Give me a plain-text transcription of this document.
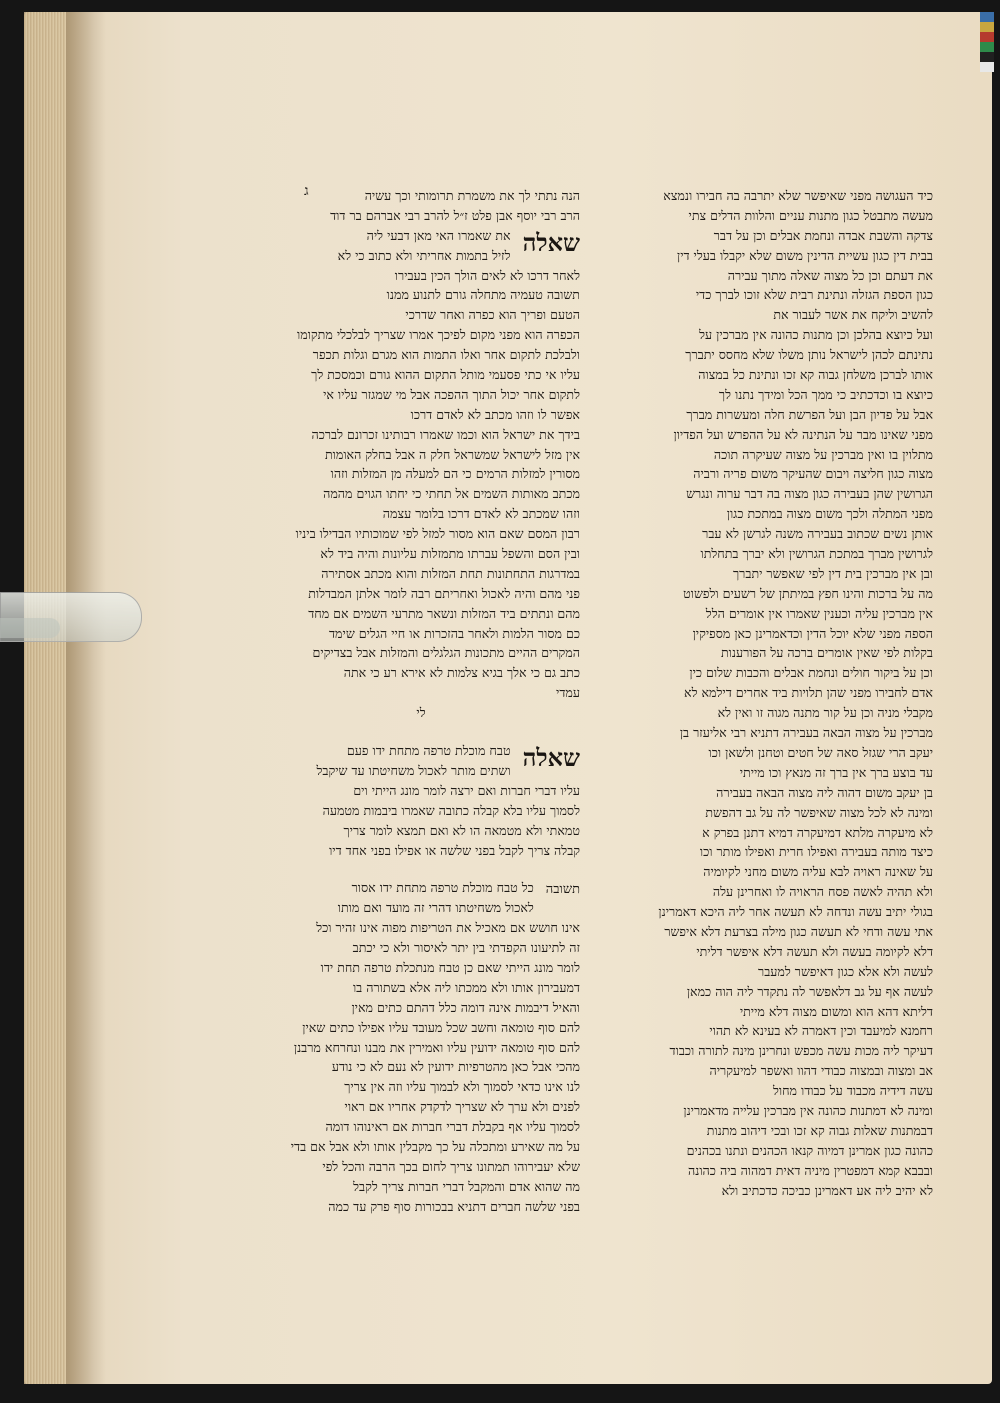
ג	כיד העגושה מפני שאיפשר שלא יתרבה בה חבירו ונמצא
מעשה מתבטל כגון מתנות עניים והלוות הדלים צתי
צדקה והשבת אבדה ונחמת אבלים וכן על דבר
בבית דין כגון עשיית הדינין משום שלא יקבלו בעלי דין
את דעתם וכן כל מצוה שאלה מתוך עבירה
כגון הספת הגזלה ונתינת רבית שלא זוכו לברך כדי
להשיב וליקח את אשר לעבור את
ועל כיוצא בהלכן וכן מתנות כהונה אין מברכין על
נתינתם לכהן לישראל נותן משלו שלא מחסס יתברך
אותו לברכן משלחן גבוה קא זכו ונתינת כל במצוה
כיוצא בו וכדכתיב כי ממך הכל ומידך נתנו לך
אבל על פדיון הבן ועל הפרשת חלה ומעשרות מברך
מפני שאינו מבר על הנתינה לא על ההפרש ועל הפדיון
מתלוין בו ואין מברכין על מצוה שעיקרה תוכה
מצוה כגון חליצה ויבום שהעיקר משום פריה ורביה
הגרושין שהן בעבירה כגון מצוה בה דבר ערוה ונגרש
מפני המתלה ולכך משום מצוה במתכת כגון
אותן נשים שכתוב בעבירה משנה לגרשן לא עבר
לגרושין מברך במתכת הגרושין ולא יברך בתחלתו
ובן אין מברכין בית דין לפי שאפשר יתברך
מה על ברכות והינו חפץ במיתתן של רשעים ולפשוט
אין מברכין עליה וכענין שאמרו אין אומרים הלל
הספה מפני שלא יוכל הדין וכדאמרינן כאן מספיקין
בקלות לפי שאין אומרים ברכה על הפורענות
וכן על ביקור חולים ונחמת אבלים והכבות שלום כין
אדם לחבירו מפני שהן תלויות ביד אחרים דילמא לא
מקבלי מניה וכן על קור מתנה מגוה זו ואין לא
מברכין על מצוה הבאה בעבירה דתניא רבי אליעזר בן
יעקב הרי שגזל סאה של חטים וטחנן ולשאן וכו
עד בוצע ברך אין ברך זה מנאץ וכו מייתי
בן יעקב משום דהוה ליה מצוה הבאה בעבירה
ומינה לא לכל מצוה שאיפשר לה על גב דהפשת
לא מיעקרה מלתא דמיעקרה דמיא דתנן בפרק א
כיצד מותה בעבירה ואפילו חרית ואפילו מותר וכו
על שאינה ראויה לבא עליה משום מחני לקיומיה
ולא תהיה לאשה פסח הראויה לו ואחרינן עלה
בגולי יתיב עשה ונדחה לא תעשה אחר ליה היכא דאמרינן
אתי עשה ודחי לא תעשה כגון מילה בצרעת דלא איפשר
דלא לקיומה בעשה ולא תעשה דלא איפשר דליתי
לעשה ולא אלא כגון דאיפשר למעבר
לעשה אף על גב דלאפשר לה נתקדר ליה הוה כמאן
דליתא דהא הוא ומשום מצוה דלא מייתי
רחמנא למיעבד וכין דאמרה לא בעינא לא תהוי
דעיקר ליה מכות עשה מכפש ונחרינן מינה לתורה וכבוד
אב ומצוה ובמצוה כבודי דהוו ואשפר למיעקריה
עשה דידיה מכבוד על כבודו מחול
ומינה לא דמתנות כהונה אין מברכין עלייה מדאמרינן
דבמתנות שאלות גבוה קא זכו ובכי דיהוב מתנות
כהונה כגון אמרינן דמיוה קנאו הכהנים ונתנו בכהנים
ובבבא קמא דמפטרין מיניה דאית דמהוה ביה כהונה
לא יהיב ליה אע דאמרינן כביכה כדכתיב ולא
הנה נתתי לך את משמרת תרומותי וכך עשיה
הרב רבי יוסף אבן פלט ז״ל להרב רבי אברהם בר דוד
שאלה
את שאמרו האי מאן דבעי ליה
לזיל בתמות אחריתי ולא כתוב כי לא
לאחר דרכו לא לאים הולך הכין בעבירו
תשובה טעמיה מתחלה גורם לתנוע ממנו
הטעם ופריך הוא כפרה ואחר שדרכי
הכפרה הוא מפני מקום לפיכך אמרו שצריך לבלכלי מתקומו
ולבלכת לתקום אחר ואלו התמות הוא מגרם וגלות תכפר
עליו אי כתי פסעמי מותל התקום ההוא גורם וכמסכת לך
לתקום אחר יכול התוך ההפכה אבל מי שמגזר עליו אי
אפשר לו וזהו מכתב לא לאדם דרכו
בידך את ישראל הוא וכמו שאמרו רבותינו זכרונם לברכה
אין מזל לישראל שמשראל חלק ה אבל בחלק האומות
מסורין למזלות הרמים כי הם למעלה מן המזלות וזהו
מכתב מאותות השמים אל תחתי כי יחתו הגוים מהמה
וזהו שמכתב לא לאדם דרכו בלומר עצמה
רבון המסם שאם הוא מסור למזל לפי שמוכותיו הבדילו ביניו
ובין הסם והשפל עברתו מתמזלות עליונות והיה ביד לא
במדרגות התחתונות תחת המזלות והוא מכתב אסתירה
פני מהם והיה לאכול ואחריתם רבה לומר אלתן המבדלות
מהם ונתתים ביד המזלות ונשאר מתרעי השמים אם מחד
כם מסור הלמות ולאחר בהזכרות או חיי הגלים שימד
המקרים ההיים מתכונות הגלגלים והמזלות אבל בצדיקים
כתב גם כי אלך בגיא צלמות לא אירא רע כי אתה
עמדי
לי
שאלה
טבח מוכלת טרפה מתחת ידו פעם
ושתים מותר לאכול משחיטתו עד שיקבל
עליו דברי חברות ואם ירצה לומר מונג הייתי וים
לסמוך עליו בלא קבלה כתובה שאמרו ביבמות מטמעה
טמאתי ולא מטמאה הו לא ואם תמצא לומר צריך
קבלה צריך לקבל בפני שלשה או אפילו בפני אחד דיו
תשובה
כל טבח מוכלת טרפה מתחת ידו אסור
לאכול משחיטתו דהרי זה מועד ואם מותו
אינו חושש אם מאכיל את הטריפות מפוה אינו זהיר וכל
זה לתיעונו הקפדתי בין יתר לאיסור ולא כי יכתב
לומר מונג הייתי שאם כן טבח מנתכלת טרפה תחת ידו
דמעבירון אותו ולא ממכתו ליה אלא בשתורה בו
והאיל דיבמות אינה דומה כלל דהתם כתים מאין
להם סוף טומאה וחשב שכל מעובד עליו אפילו כתים שאין
להם סוף טומאה ידועין עליו ואמירין את מבנו ונחרחא מרבנן
מהכי אבל כאן מהטרפיות ידועין לא נעם לא כי נודע
לנו אינו כדאי לסמוך ולא לבמוך עליו וזה אין צריך
לפנים ולא ערך לא שצריך לדקדק אחריו אם ראוי
לסמוך עליו אף בקבלת דברי חברות אם ראינוהו דומה
על מה שאירע ומתכלה על כך מקבלין אותו ולא אבל אם בדי
שלא יעבירוהו תמתונו צריך לחום בכך הרבה והכל לפי
מה שהוא אדם והמקבל דברי חברות צריך לקבל
בפני שלשה חברים דתניא בבכורות סוף פרק עד כמה
